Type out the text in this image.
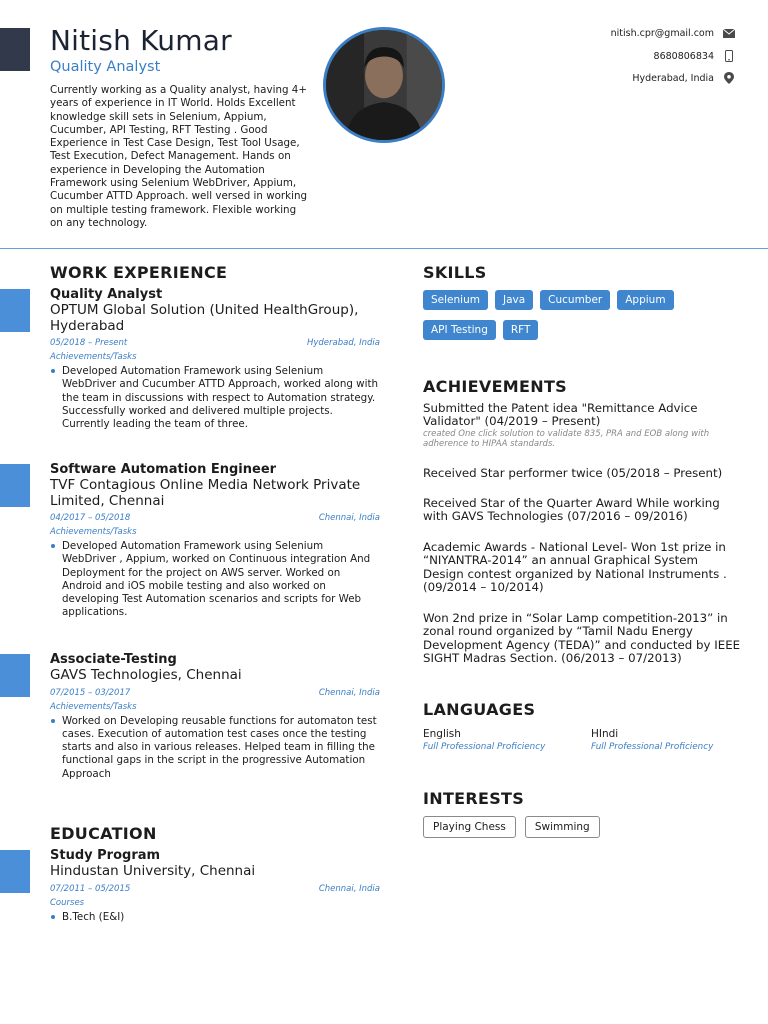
Nitish Kumar
Quality Analyst
Currently working as a Quality analyst, having 4+ years of experience in IT World. Holds Excellent knowledge skill sets in Selenium, Appium, Cucumber, API Testing, RFT Testing . Good Experience in Test Case Design, Test Tool Usage, Test Execution, Defect Management. Hands on experience in Developing the Automation Framework using Selenium WebDriver, Appium, Cucumber ATTD Approach. well versed in working on multiple testing framework. Flexible working on any technology.
nitish.cpr@gmail.com
8680806834
Hyderabad, India
WORK EXPERIENCE
Quality Analyst
OPTUM Global Solution (United HealthGroup), Hyderabad
05/2018 – Present	Hyderabad, India
Achievements/Tasks
Developed Automation Framework using Selenium WebDriver and Cucumber ATTD Approach, worked along with the team in discussions with respect to Automation strategy. Successfully worked and delivered multiple projects. Currently leading the team of three.
Software Automation Engineer
TVF Contagious Online Media Network Private Limited, Chennai
04/2017 – 05/2018	Chennai, India
Achievements/Tasks
Developed Automation Framework using Selenium WebDriver , Appium, worked on Continuous integration And Deployment for the project on AWS server. Worked on Android and iOS mobile testing and also worked on developing Test Automation scenarios and scripts for Web applications.
Associate-Testing
GAVS Technologies, Chennai
07/2015 – 03/2017	Chennai, India
Achievements/Tasks
Worked on Developing reusable functions for automaton test cases. Execution of automation test cases once the testing starts and also in various releases. Helped team in filling the functional gaps in the script in the progressive Automation Approach
EDUCATION
Study Program
Hindustan University, Chennai
07/2011 – 05/2015	Chennai, India
Courses
B.Tech (E&I)
SKILLS
Selenium	Java	Cucumber	Appium
API Testing	RFT
ACHIEVEMENTS
Submitted the Patent idea "Remittance Advice Validator" (04/2019 – Present)
created One click solution to validate 835, PRA and EOB along with adherence to HIPAA standards.
Received Star performer twice (05/2018 – Present)
Received Star of the Quarter Award While working with GAVS Technologies (07/2016 – 09/2016)
Academic Awards - National Level- Won 1st prize in “NIYANTRA-2014” an annual Graphical System Design contest organized by National Instruments . (09/2014 – 10/2014)
Won 2nd prize in “Solar Lamp competition-2013” in zonal round organized by “Tamil Nadu Energy Development Agency (TEDA)” and conducted by IEEE SIGHT Madras Section. (06/2013 – 07/2013)
LANGUAGES
English
Full Professional Proficiency
HIndi
Full Professional Proficiency
INTERESTS
Playing Chess	Swimming
